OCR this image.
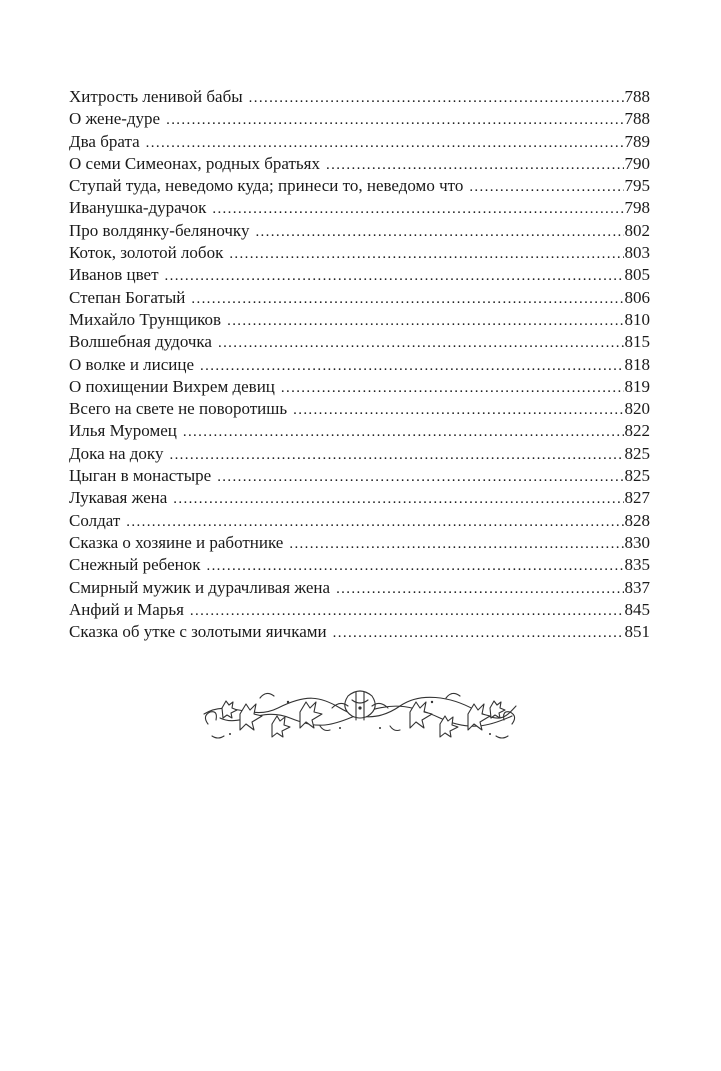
Хитрость ленивой бабы . . .	788
О жене-дуре . . .	788
Два брата . . .	789
О семи Симеонах, родных братьях . . .	790
Ступай туда, неведомо куда; принеси то, неведомо что . . .	795
Иванушка-дурачок . . .	798
Про волдянку-беляночку . . .	802
Коток, золотой лобок . . .	803
Иванов цвет . . .	805
Степан Богатый . . .	806
Михайло Трунщиков . . .	810
Волшебная дудочка . . .	815
О волке и лисице . . .	818
О похищении Вихрем девиц . . .	819
Всего на свете не поворотишь . . .	820
Илья Муромец . . .	822
Дока на доку . . .	825
Цыган в монастыре . . .	825
Лукавая жена . . .	827
Солдат . . .	828
Сказка о хозяине и работнике . . .	830
Снежный ребенок . . .	835
Смирный мужик и дурачливая жена . . .	837
Анфий и Марья . . .	845
Сказка об утке с золотыми яичками . . .	851
